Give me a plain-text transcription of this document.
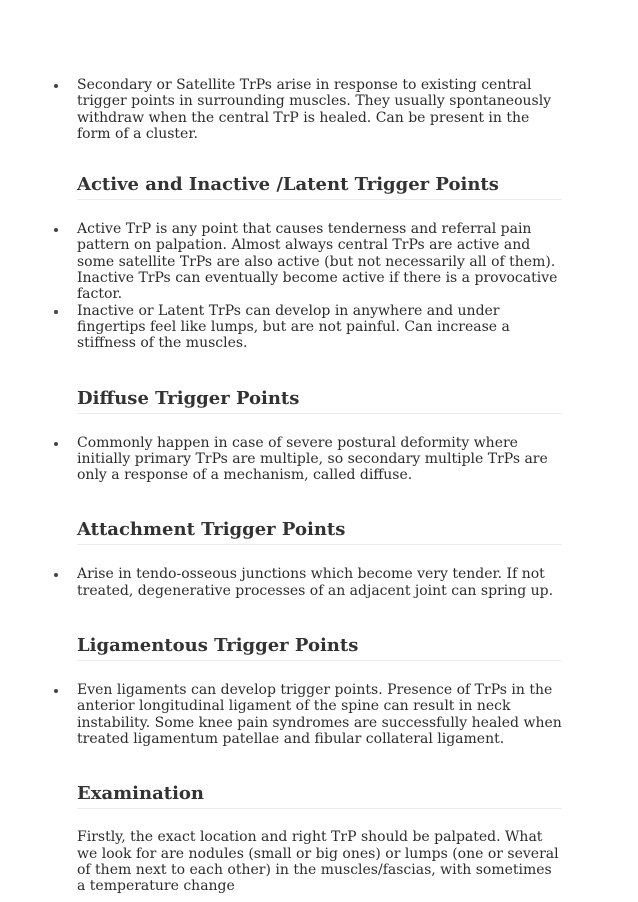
Secondary or Satellite TrPs arise in response to existing central trigger points in surrounding muscles. They usually spontaneously withdraw when the central TrP is healed. Can be present in the form of a cluster.
Active and Inactive /Latent Trigger Points
Active TrP is any point that causes tenderness and referral pain pattern on palpation. Almost always central TrPs are active and some satellite TrPs are also active (but not necessarily all of them). Inactive TrPs can eventually become active if there is a provocative factor.
Inactive or Latent TrPs can develop in anywhere and under fingertips feel like lumps, but are not painful. Can increase a stiffness of the muscles.
Diffuse Trigger Points
Commonly happen in case of severe postural deformity where initially primary TrPs are multiple, so secondary multiple TrPs are only a response of a mechanism, called diffuse.
Attachment Trigger Points
Arise in tendo-osseous junctions which become very tender. If not treated, degenerative processes of an adjacent joint can spring up.
Ligamentous Trigger Points
Even ligaments can develop trigger points. Presence of TrPs in the anterior longitudinal ligament of the spine can result in neck instability. Some knee pain syndromes are successfully healed when treated ligamentum patellae and fibular collateral ligament.
Examination

Firstly, the exact location and right TrP should be palpated. What we look for are nodules (small or big ones) or lumps (one or several of them next to each other) in the muscles/fascias, with sometimes a temperature change
